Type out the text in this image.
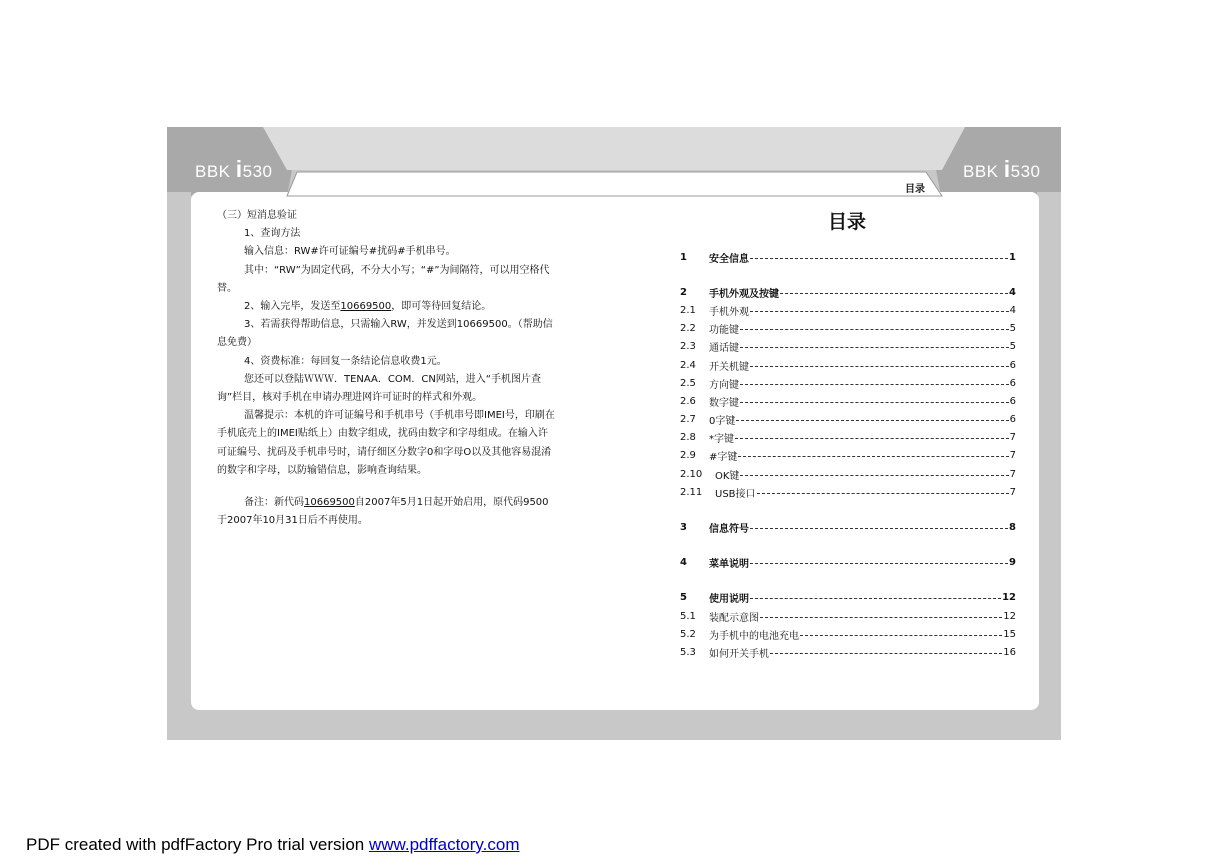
BBK i530	BBK i530
目录

（三）短消息验证

1、查询方法

输入信息：RW#许可证编号#扰码#手机串号。

其中：“RW”为固定代码，不分大小写；“#”为间隔符，可以用空格代替。

2、输入完毕，发送至10669500，即可等待回复结论。

3、若需获得帮助信息，只需输入RW，并发送到10669500。（帮助信息免费）

4、资费标准：每回复一条结论信息收费1元。

您还可以登陆ＷＷＷ．TENAA．COM．CN网站，进入“手机图片查询”栏目，核对手机在申请办理进网许可证时的样式和外观。

温馨提示：本机的许可证编号和手机串号（手机串号即IMEI号，印刷在手机底壳上的IMEI贴纸上）由数字组成，扰码由数字和字母组成。在输入许可证编号、扰码及手机串号时，请仔细区分数字0和字母O以及其他容易混淆的数字和字母，以防输错信息，影响查询结果。

备注：新代码10669500自2007年5月1日起开始启用，原代码9500于2007年10月31日后不再使用。

目录
1	安全信息	1
2	手机外观及按键	4
2.1	手机外观	4
2.2	功能键	5
2.3	通话键	5
2.4	开关机键	6
2.5	方向键	6
2.6	数字键	6
2.7	0字键	6
2.8	*字键	7
2.9	#字键	7
2.10	OK键	7
2.11	USB接口	7
3	信息符号	8
4	菜单说明	9
5	使用说明	12
5.1	装配示意图	12
5.2	为手机中的电池充电	15
5.3	如何开关手机	16
PDF created with pdfFactory Pro trial version www.pdffactory.com
